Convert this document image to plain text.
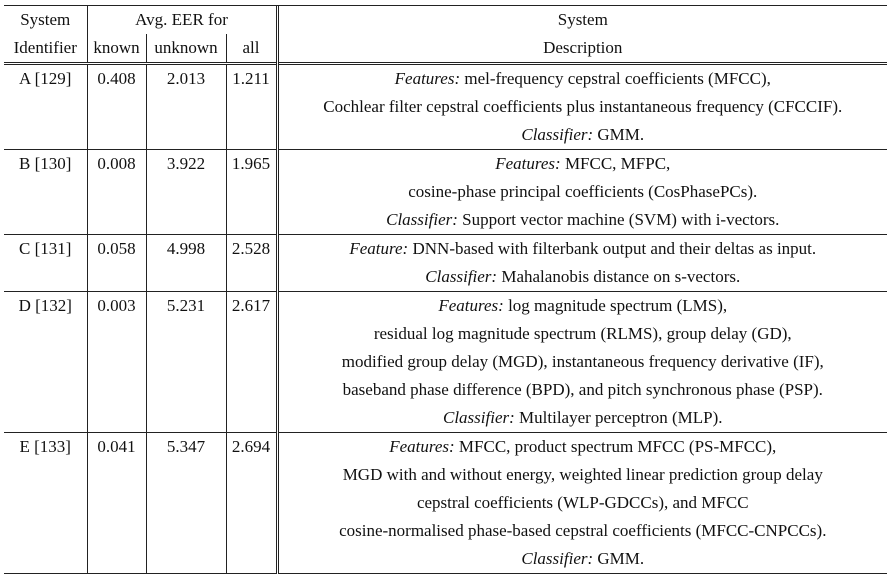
System	Avg. EER for			System
Identifier	known	unknown	all	Description
A [129]	0.408	2.013	1.211	Features: mel-frequency cepstral coefficients (MFCC),
Cochlear filter cepstral coefficients plus instantaneous frequency (CFCCIF).
Classifier: GMM.

B [130]	0.008	3.922	1.965	Features: MFCC, MFPC,
cosine-phase principal coefficients (CosPhasePCs).
Classifier: Support vector machine (SVM) with i-vectors.

C [131]	0.058	4.998	2.528	Feature: DNN-based with filterbank output and their deltas as input.
Classifier: Mahalanobis distance on s-vectors.

D [132]	0.003	5.231	2.617	Features: log magnitude spectrum (LMS),
residual log magnitude spectrum (RLMS), group delay (GD),
modified group delay (MGD), instantaneous frequency derivative (IF),
baseband phase difference (BPD), and pitch synchronous phase (PSP).
Classifier: Multilayer perceptron (MLP).

E [133]	0.041	5.347	2.694	Features: MFCC, product spectrum MFCC (PS-MFCC),
MGD with and without energy, weighted linear prediction group delay
cepstral coefficients (WLP-GDCCs), and MFCC
cosine-normalised phase-based cepstral coefficients (MFCC-CNPCCs).
Classifier: GMM.
